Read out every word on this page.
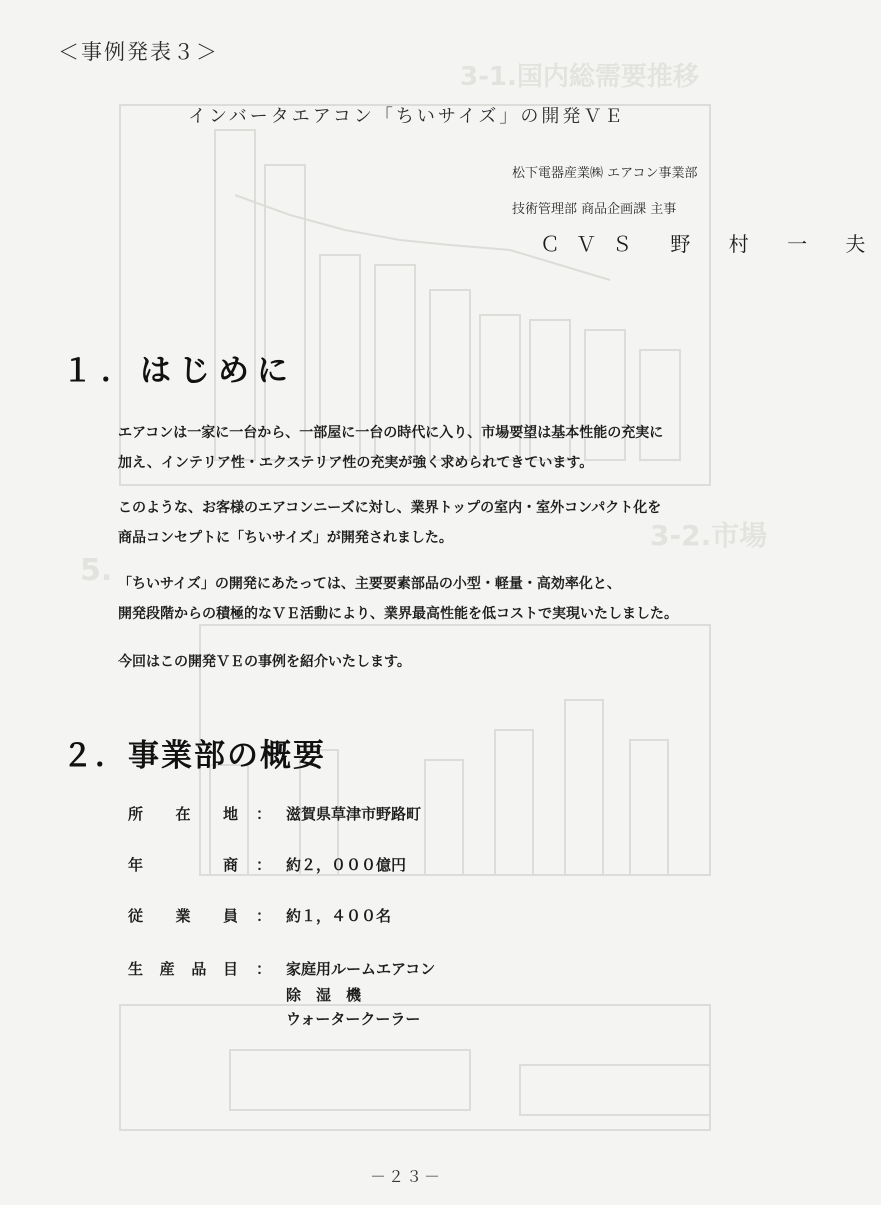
3-1.国内総需要推移
5.
3-2.市場
＜事例発表３＞
インバータエアコン「ちいサイズ」の開発ＶＥ
松下電器産業㈱ エアコン事業部
技術管理部 商品企画課 主事
ＣＶＳ 野 村 一 夫
１．はじめに
エアコンは一家に一台から、一部屋に一台の時代に入り、市場要望は基本性能の充実に
加え、インテリア性・エクステリア性の充実が強く求められてきています。
このような、お客様のエアコンニーズに対し、業界トップの室内・室外コンパクト化を
商品コンセプトに「ちいサイズ」が開発されました。
「ちいサイズ」の開発にあたっては、主要要素部品の小型・軽量・高効率化と、
開発段階からの積極的なＶＥ活動により、業界最高性能を低コストで実現いたしました。
今回はこの開発ＶＥの事例を紹介いたします。
２．事業部の概要
所在地 ： 滋賀県草津市野路町
年商 ： 約２，０００億円
従業員 ： 約１，４００名
生産品目 ： 家庭用ルームエアコン
除　湿　機
ウォータークーラー
－２３－
